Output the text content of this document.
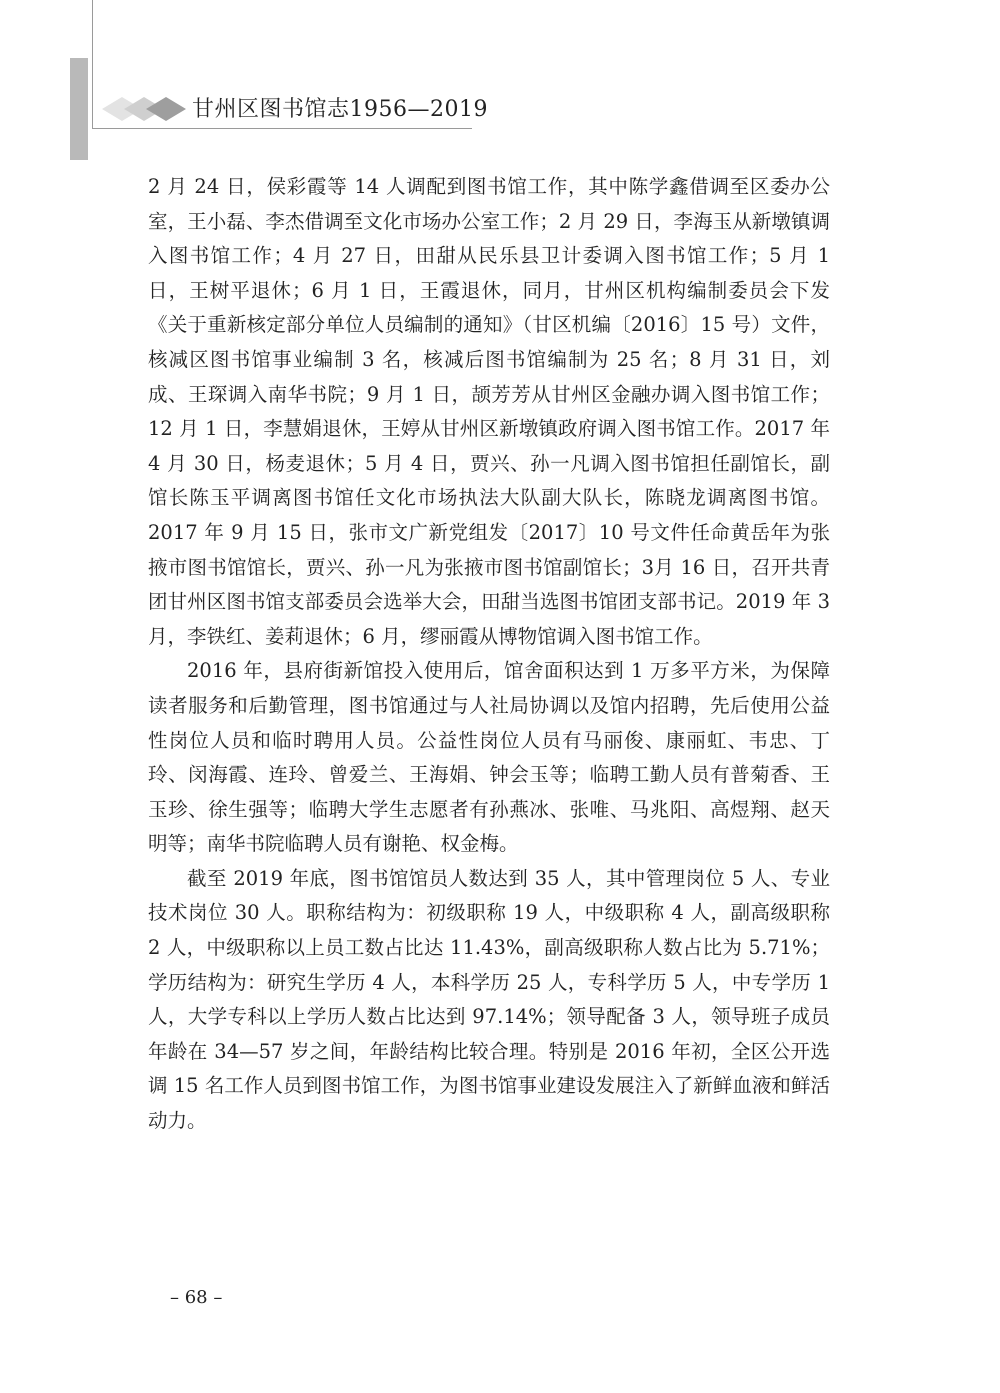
甘州区图书馆志1956—2019

2 月 24 日，侯彩霞等 14 人调配到图书馆工作，其中陈学鑫借调至区委办公室，王小磊、李杰借调至文化市场办公室工作；2 月 29 日，李海玉从新墩镇调入图书馆工作；4 月 27 日，田甜从民乐县卫计委调入图书馆工作；5 月 1 日，王树平退休；6 月 1 日，王霞退休，同月，甘州区机构编制委员会下发《关于重新核定部分单位人员编制的通知》（甘区机编〔2016〕15 号）文件，核减区图书馆事业编制 3 名，核减后图书馆编制为 25 名；8 月 31 日，刘成、王琛调入南华书院；9 月 1 日，颉芳芳从甘州区金融办调入图书馆工作；12 月 1 日，李慧娟退休，王婷从甘州区新墩镇政府调入图书馆工作。2017 年 4 月 30 日，杨麦退休；5 月 4 日，贾兴、孙一凡调入图书馆担任副馆长，副馆长陈玉平调离图书馆任文化市场执法大队副大队长，陈晓龙调离图书馆。2017 年 9 月 15 日，张市文广新党组发〔2017〕10 号文件任命黄岳年为张掖市图书馆馆长，贾兴、孙一凡为张掖市图书馆副馆长；3月 16 日，召开共青团甘州区图书馆支部委员会选举大会，田甜当选图书馆团支部书记。2019 年 3 月，李铁红、姜莉退休；6 月，缪丽霞从博物馆调入图书馆工作。

2016 年，县府街新馆投入使用后，馆舍面积达到 1 万多平方米，为保障读者服务和后勤管理，图书馆通过与人社局协调以及馆内招聘，先后使用公益性岗位人员和临时聘用人员。公益性岗位人员有马丽俊、康丽虹、韦忠、丁玲、闵海霞、连玲、曾爱兰、王海娟、钟会玉等；临聘工勤人员有普菊香、王玉珍、徐生强等；临聘大学生志愿者有孙燕冰、张唯、马兆阳、高煜翔、赵天明等；南华书院临聘人员有谢艳、权金梅。

截至 2019 年底，图书馆馆员人数达到 35 人，其中管理岗位 5 人、专业技术岗位 30 人。职称结构为：初级职称 19 人，中级职称 4 人，副高级职称 2 人，中级职称以上员工数占比达 11.43%，副高级职称人数占比为 5.71%；学历结构为：研究生学历 4 人，本科学历 25 人，专科学历 5 人，中专学历 1 人，大学专科以上学历人数占比达到 97.14%；领导配备 3 人，领导班子成员年龄在 34—57 岁之间，年龄结构比较合理。特别是 2016 年初，全区公开选调 15 名工作人员到图书馆工作，为图书馆事业建设发展注入了新鲜血液和鲜活动力。

– 68 –
